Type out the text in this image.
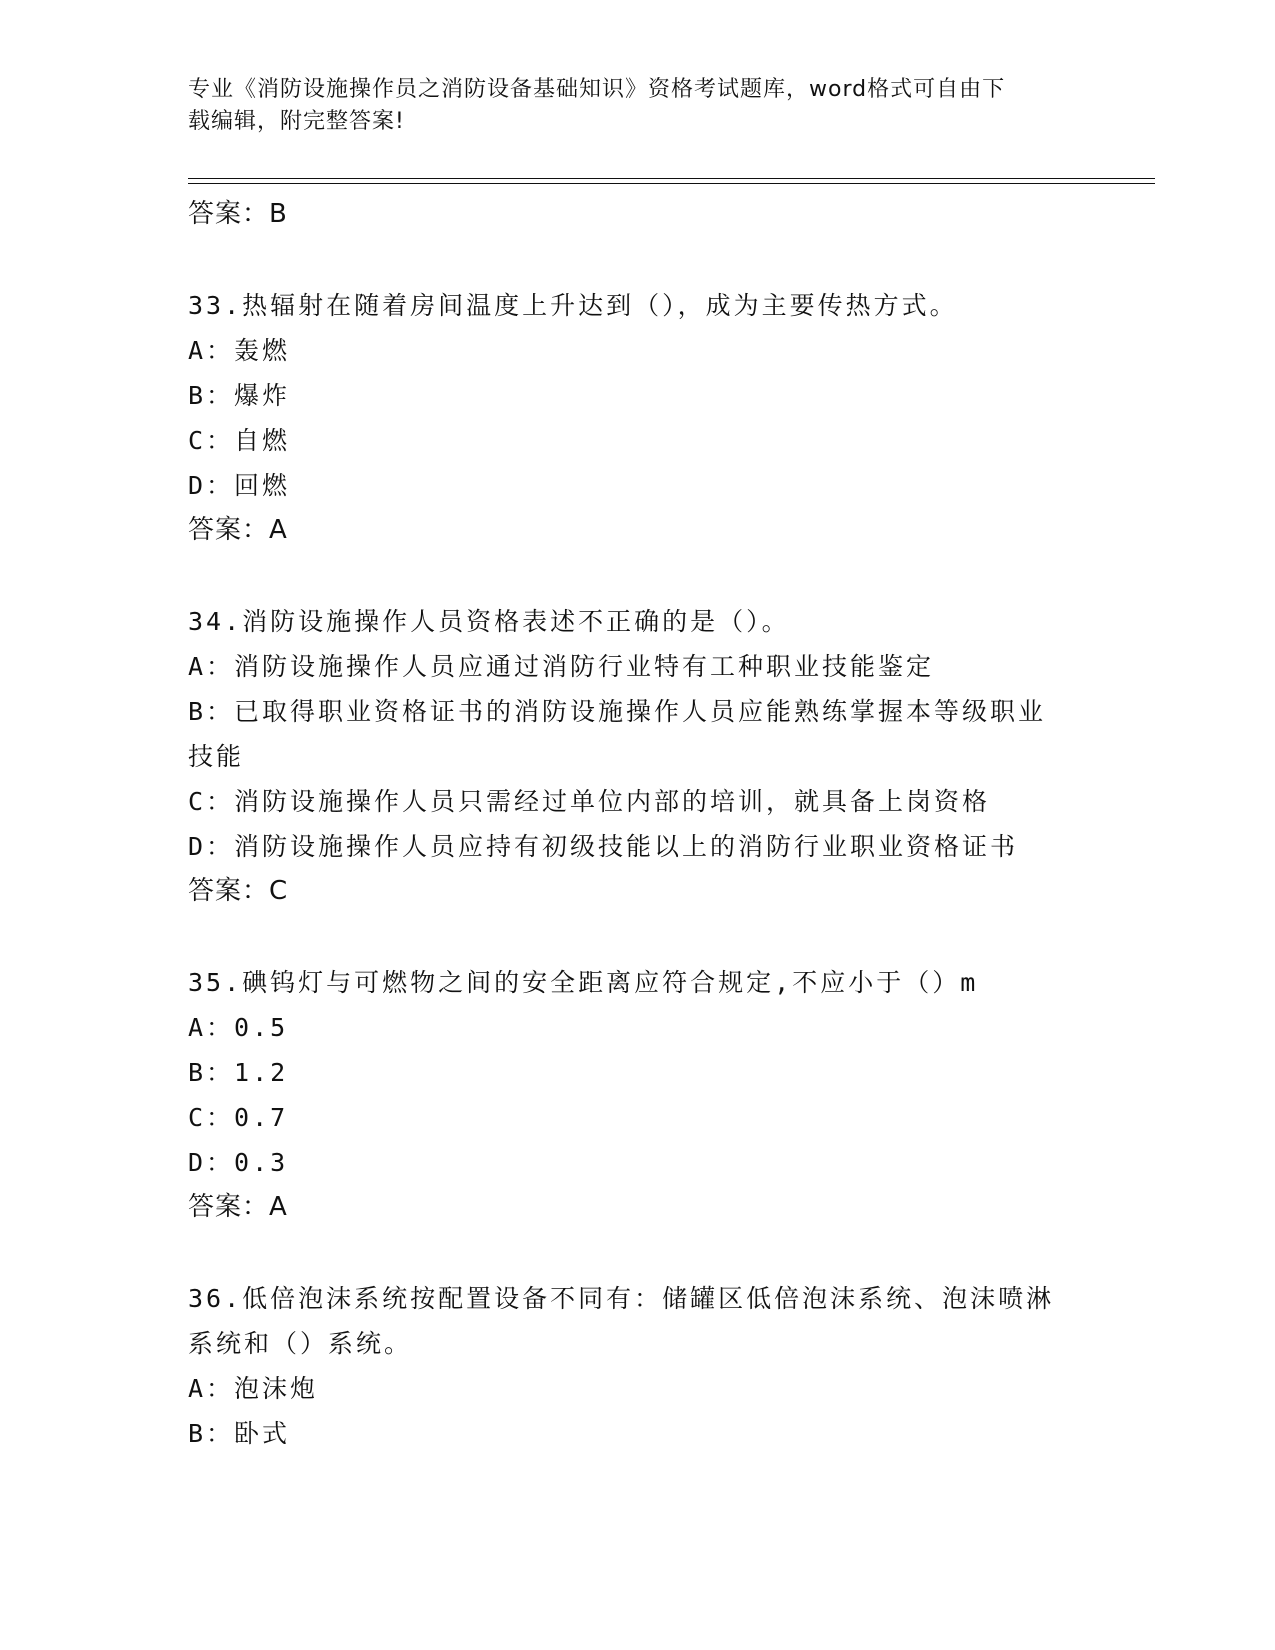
专业《消防设施操作员之消防设备基础知识》资格考试题库，word格式可自由下
载编辑，附完整答案!
答案：B
33.热辐射在随着房间温度上升达到（），成为主要传热方式。
A：轰燃
B：爆炸
C：自燃
D：回燃
答案：A
34.消防设施操作人员资格表述不正确的是（）。
A：消防设施操作人员应通过消防行业特有工种职业技能鉴定
B：已取得职业资格证书的消防设施操作人员应能熟练掌握本等级职业
技能
C：消防设施操作人员只需经过单位内部的培训，就具备上岗资格
D：消防设施操作人员应持有初级技能以上的消防行业职业资格证书
答案：C
35.碘钨灯与可燃物之间的安全距离应符合规定,不应小于（）m
A：0.5
B：1.2
C：0.7
D：0.3
答案：A
36.低倍泡沫系统按配置设备不同有：储罐区低倍泡沫系统、泡沫喷淋
系统和（）系统。
A：泡沫炮
B：卧式
